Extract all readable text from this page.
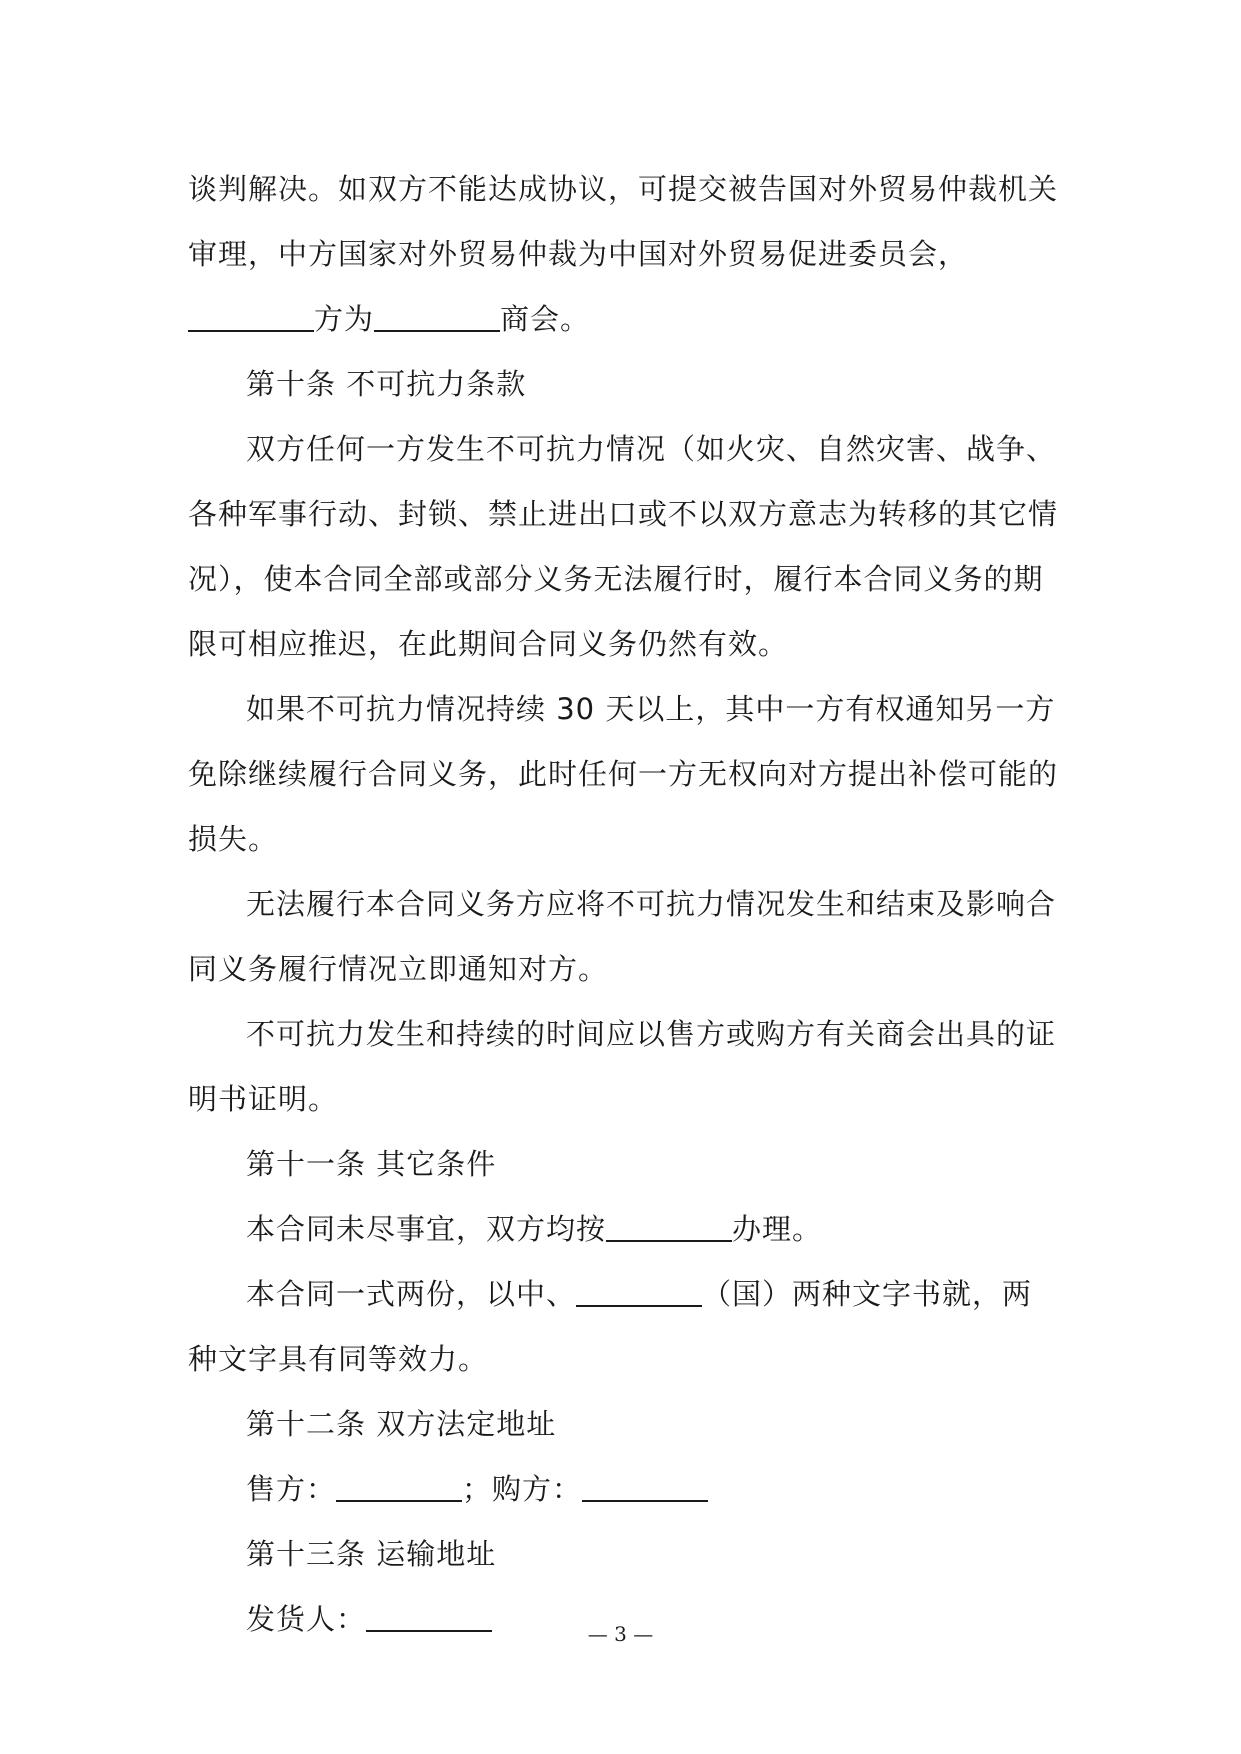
谈判解决。如双方不能达成协议，可提交被告国对外贸易仲裁机关审理，中方国家对外贸易仲裁为中国对外贸易促进委员会，方为	商会。

第十条 不可抗力条款

双方任何一方发生不可抗力情况（如火灾、自然灾害、战争、各种军事行动、封锁、禁止进出口或不以双方意志为转移的其它情况），使本合同全部或部分义务无法履行时，履行本合同义务的期限可相应推迟，在此期间合同义务仍然有效。

如果不可抗力情况持续 30 天以上，其中一方有权通知另一方免除继续履行合同义务，此时任何一方无权向对方提出补偿可能的损失。

无法履行本合同义务方应将不可抗力情况发生和结束及影响合同义务履行情况立即通知对方。

不可抗力发生和持续的时间应以售方或购方有关商会出具的证明书证明。

第十一条 其它条件

本合同未尽事宜，双方均按	办理。

本合同一式两份，以中、	（国）两种文字书就，两种文字具有同等效力。

第十二条 双方法定地址

售方：	；购方：

第十三条 运输地址

发货人：	— 3 —
